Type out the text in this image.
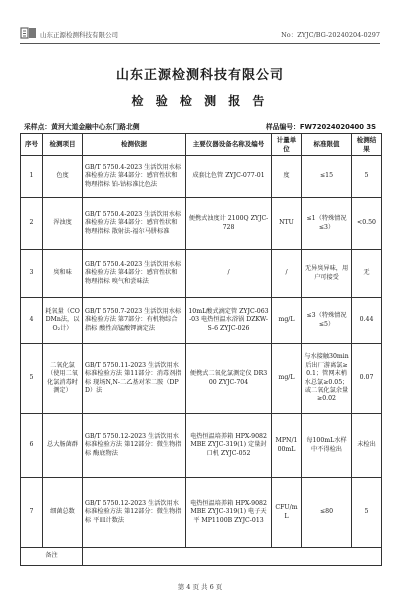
山东正源检测科技有限公司	No：ZYJC/BG-20240204-0297
山东正源检测科技有限公司
检 验 检 测 报 告
采样点：黄河大道金融中心东门路北侧	样品编号：FW72024020400 3S
序号	检测项目	检测依据	主要仪器设备名称及编号	计量单位	标准限值	检测结果
1	色度	GB/T 5750.4-2023 生活饮用水标准检验方法 第4部分：感官性状和物理指标 铂-钴标准比色法	成套比色管 ZYJC-077-01	度	≤15	5
2	浑浊度	GB/T 5750.4-2023 生活饮用水标准检验方法 第4部分：感官性状和物理指标 散射法-福尔马肼标准	便携式浊度计 2100Q ZYJC-728	NTU	≤1（特殊情况≤3）	<0.50
3	臭和味	GB/T 5750.4-2023 生活饮用水标准检验方法 第4部分：感官性状和物理指标 嗅气和尝味法	/	/	无异臭异味，用户可接受	无
4	耗氧量（CODMn法，以O₂计）	GB/T 5750.7-2023 生活饮用水标准检验方法 第7部分：有机物综合指标 酸性高锰酸钾滴定法	10mL酸式滴定管 ZYJC-063-03 电热恒温水浴锅 DZKW-S-6 ZYJC-026	mg/L	≤3（特殊情况≤5）	0.44
5	二氧化氯（使用二氧化氯消毒时测定）	GB/T 5750.11-2023 生活饮用水标准检验方法 第11部分：消毒剂指标 现场N,N-二乙基对苯二胺（DPD）法	便携式二氧化氯测定仪 DR300 ZYJC-704	mg/L	与水接触30min后出厂游离氯≥0.1；管网末梢水总氯≥0.05；或二氧化氯余量≥0.02	0.07
6	总大肠菌群	GB/T 5750.12-2023 生活饮用水标准检验方法 第12部分：微生物指标 酶底物法	电热恒温培养箱 HPX-9082MBE ZYJC-319(1) 定量封口机 ZYJC-052	MPN/100mL	每100mL水样中不得检出	未检出
7	细菌总数	GB/T 5750.12-2023 生活饮用水标准检验方法 第12部分：微生物指标 平皿计数法	电热恒温培养箱 HPX-9082MBE ZYJC-319(1) 电子天平 MP1100B ZYJC-013	CFU/mL	≤80	5
备注						
第 4 页 共 6 页
